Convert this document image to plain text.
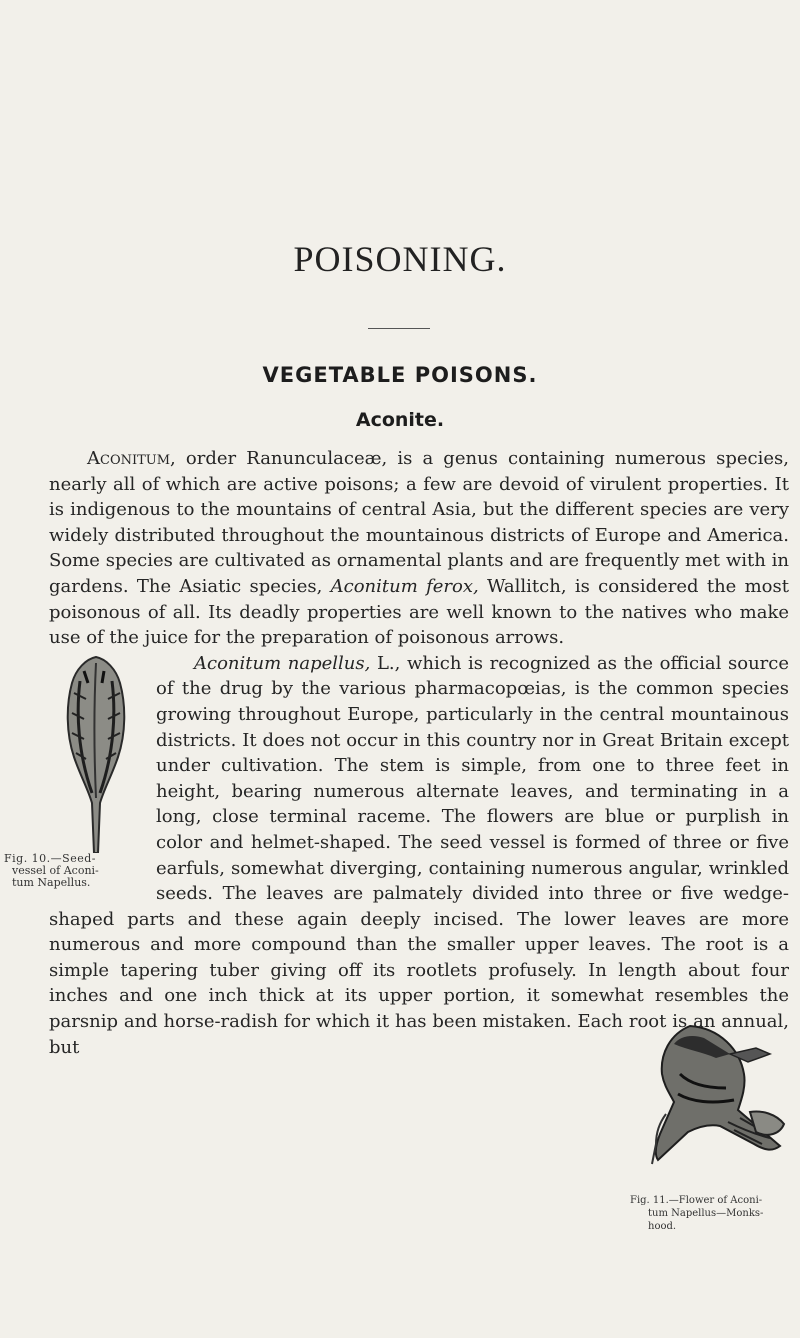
POISONING.
VEGETABLE POISONS.
Aconite.

Aconitum, order Ranunculaceæ, is a genus containing numerous species, nearly all of which are active poisons; a few are devoid of virulent properties. It is indigenous to the mountains of central Asia, but the different species are very widely distributed throughout the mountainous districts of Europe and America. Some species are cultivated as ornamental plants and are frequently met with in gardens. The Asiatic species, Aconitum ferox, Wallitch, is considered the most poisonous of all. Its deadly properties are well known to the natives who make use of the juice for the preparation of poisonous arrows.

Fig. 10.—Seed-
vessel of Aconi-
tum Napellus.

Aconitum napellus, L., which is recognized as the official source of the drug by the various pharmacopœias, is the common species growing throughout Europe, particularly in the central mountainous districts. It does not occur in this country nor in Great Britain except under cultivation. The stem is simple, from one to three feet in height, bearing numerous alternate leaves, and terminating in a long, close terminal raceme. The flowers are blue or purplish in color and helmet-shaped. The seed vessel is formed of three or five earfuls, somewhat diverging, containing numerous angular, wrinkled seeds. The leaves are palmately divided into three or five wedge-shaped parts and these again deeply incised. The lower leaves are more numerous and more compound than the smaller upper leaves. The root is a simple tapering tuber giving off its rootlets profusely. In length about four inches and one inch thick at its upper portion, it somewhat resembles the parsnip and horse-radish for which it has been mistaken. Each root is an annual, but

Fig. 11.—Flower of Aconi-
tum Napellus—Monks-
hood.
